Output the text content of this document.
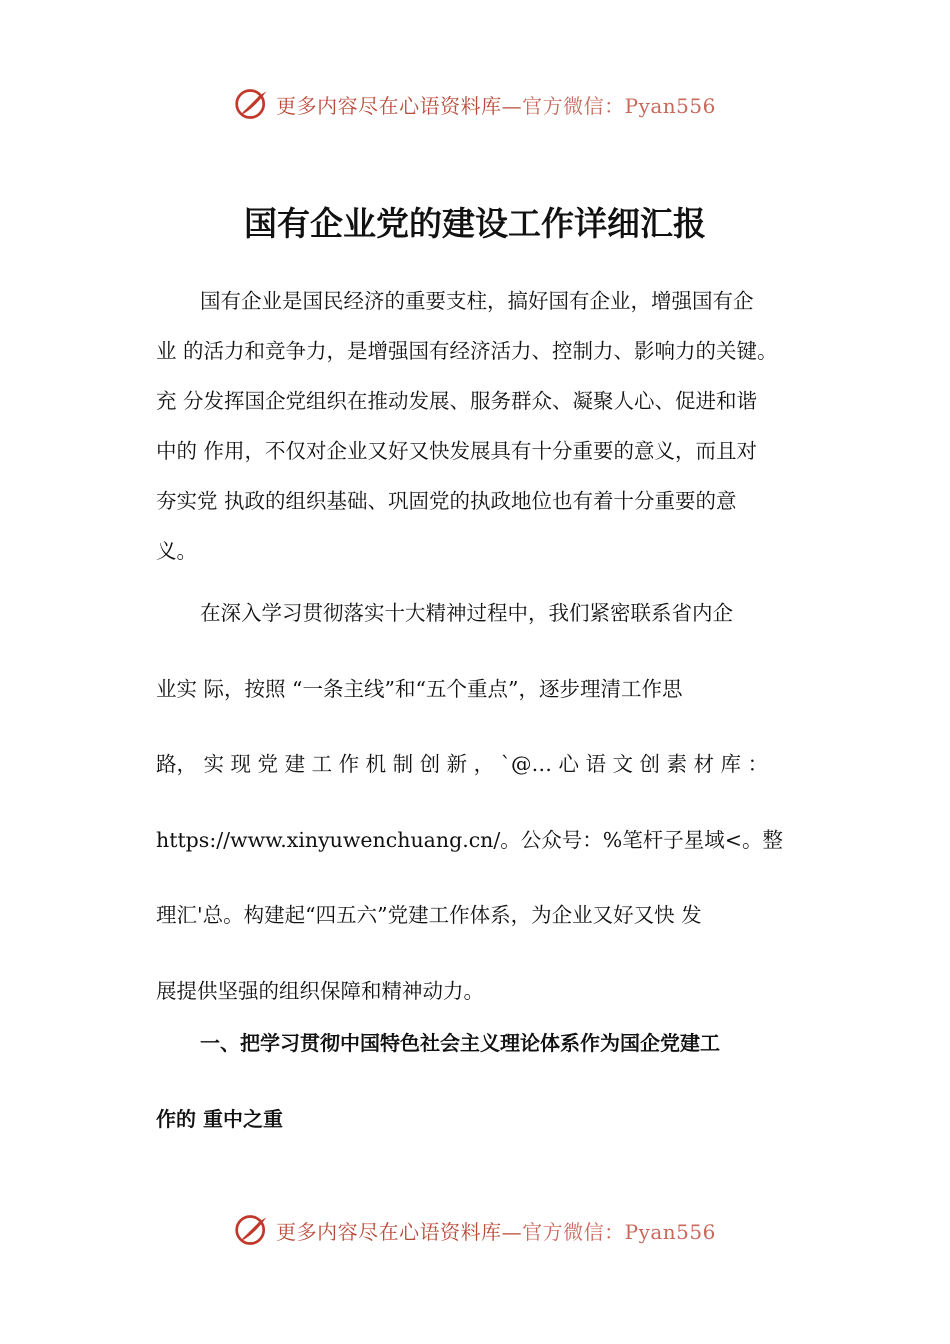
更多内容尽在心语资料库—官方微信：Pyan556
国有企业党的建设工作详细汇报
国有企业是国民经济的重要支柱，搞好国有企业，增强国有企
业 的活力和竞争力，是增强国有经济活力、控制力、影响力的关键。
充 分发挥国企党组织在推动发展、服务群众、凝聚人心、促进和谐
中的 作用，不仅对企业又好又快发展具有十分重要的意义，而且对
夯实党 执政的组织基础、巩固党的执政地位也有着十分重要的意
义。
在深入学习贯彻落实十大精神过程中，我们紧密联系省内企
业实 际，按照 “一条主线”和“五个重点”，逐步理清工作思
路， 实 现 党 建 工 作 机 制 创 新 ， `@… 心 语 文 创 素 材 库 ：
https://www.xinyuwenchuang.cn/。公众号：%笔杆子星域<。整
理汇'总。构建起“四五六”党建工作体系，为企业又好又快 发
展提供坚强的组织保障和精神动力。
一、把学习贯彻中国特色社会主义理论体系作为国企党建工
作的 重中之重
更多内容尽在心语资料库—官方微信：Pyan556
